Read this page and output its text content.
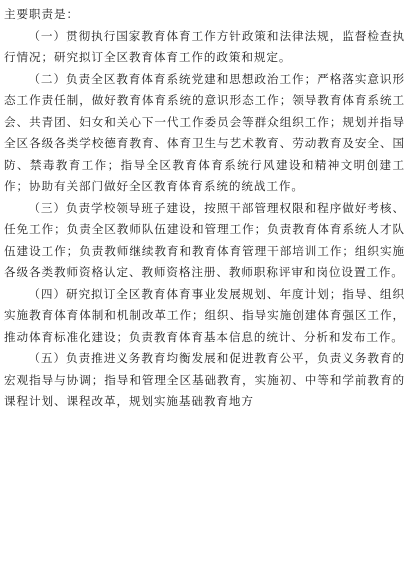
主要职责是：

（一）贯彻执行国家教育体育工作方针政策和法律法规，监督检查执行情况；研究拟订全区教育体育工作的政策和规定。

（二）负责全区教育体育系统党建和思想政治工作；严格落实意识形态工作责任制，做好教育体育系统的意识形态工作；领导教育体育系统工会、共青团、妇女和关心下一代工作委员会等群众组织工作；规划并指导全区各级各类学校德育教育、体育卫生与艺术教育、劳动教育及安全、国防、禁毒教育工作；指导全区教育体育系统行风建设和精神文明创建工作；协助有关部门做好全区教育体育系统的统战工作。

（三）负责学校领导班子建设，按照干部管理权限和程序做好考核、任免工作；负责全区教师队伍建设和管理工作；负责教育体育系统人才队伍建设工作；负责教师继续教育和教育体育管理干部培训工作；组织实施各级各类教师资格认定、教师资格注册、教师职称评审和岗位设置工作。

（四）研究拟订全区教育体育事业发展规划、年度计划；指导、组织实施教育体育体制和机制改革工作；组织、指导实施创建体育强区工作，推动体育标准化建设；负责教育体育基本信息的统计、分析和发布工作。

（五）负责推进义务教育均衡发展和促进教育公平，负责义务教育的宏观指导与协调；指导和管理全区基础教育，实施初、中等和学前教育的课程计划、课程改革，规划实施基础教育地方
